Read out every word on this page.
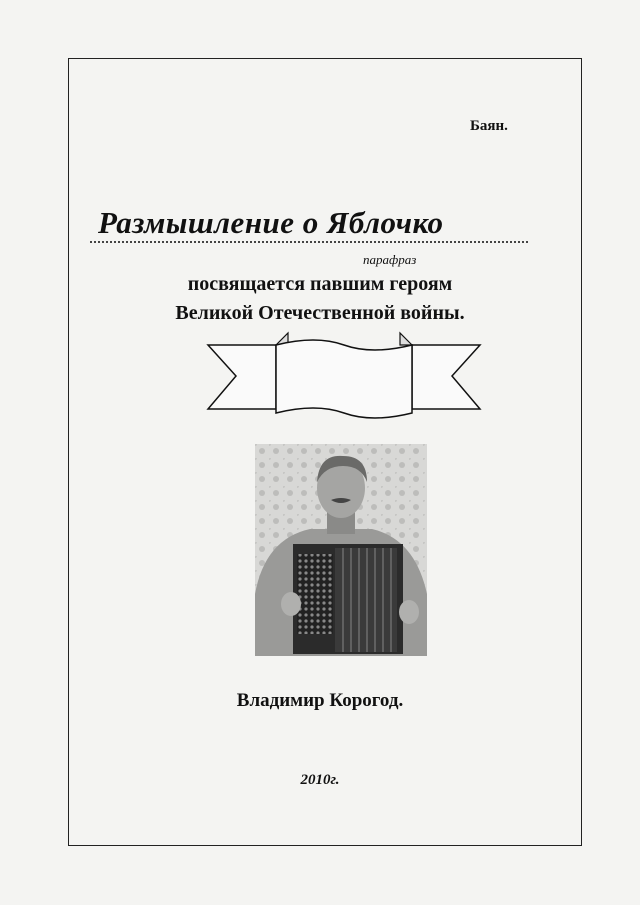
Баян.
Размышление о Яблочко
парафраз
посвящается павшим героям
Великой Отечественной войны.
Владимир Корогод.
2010г.
